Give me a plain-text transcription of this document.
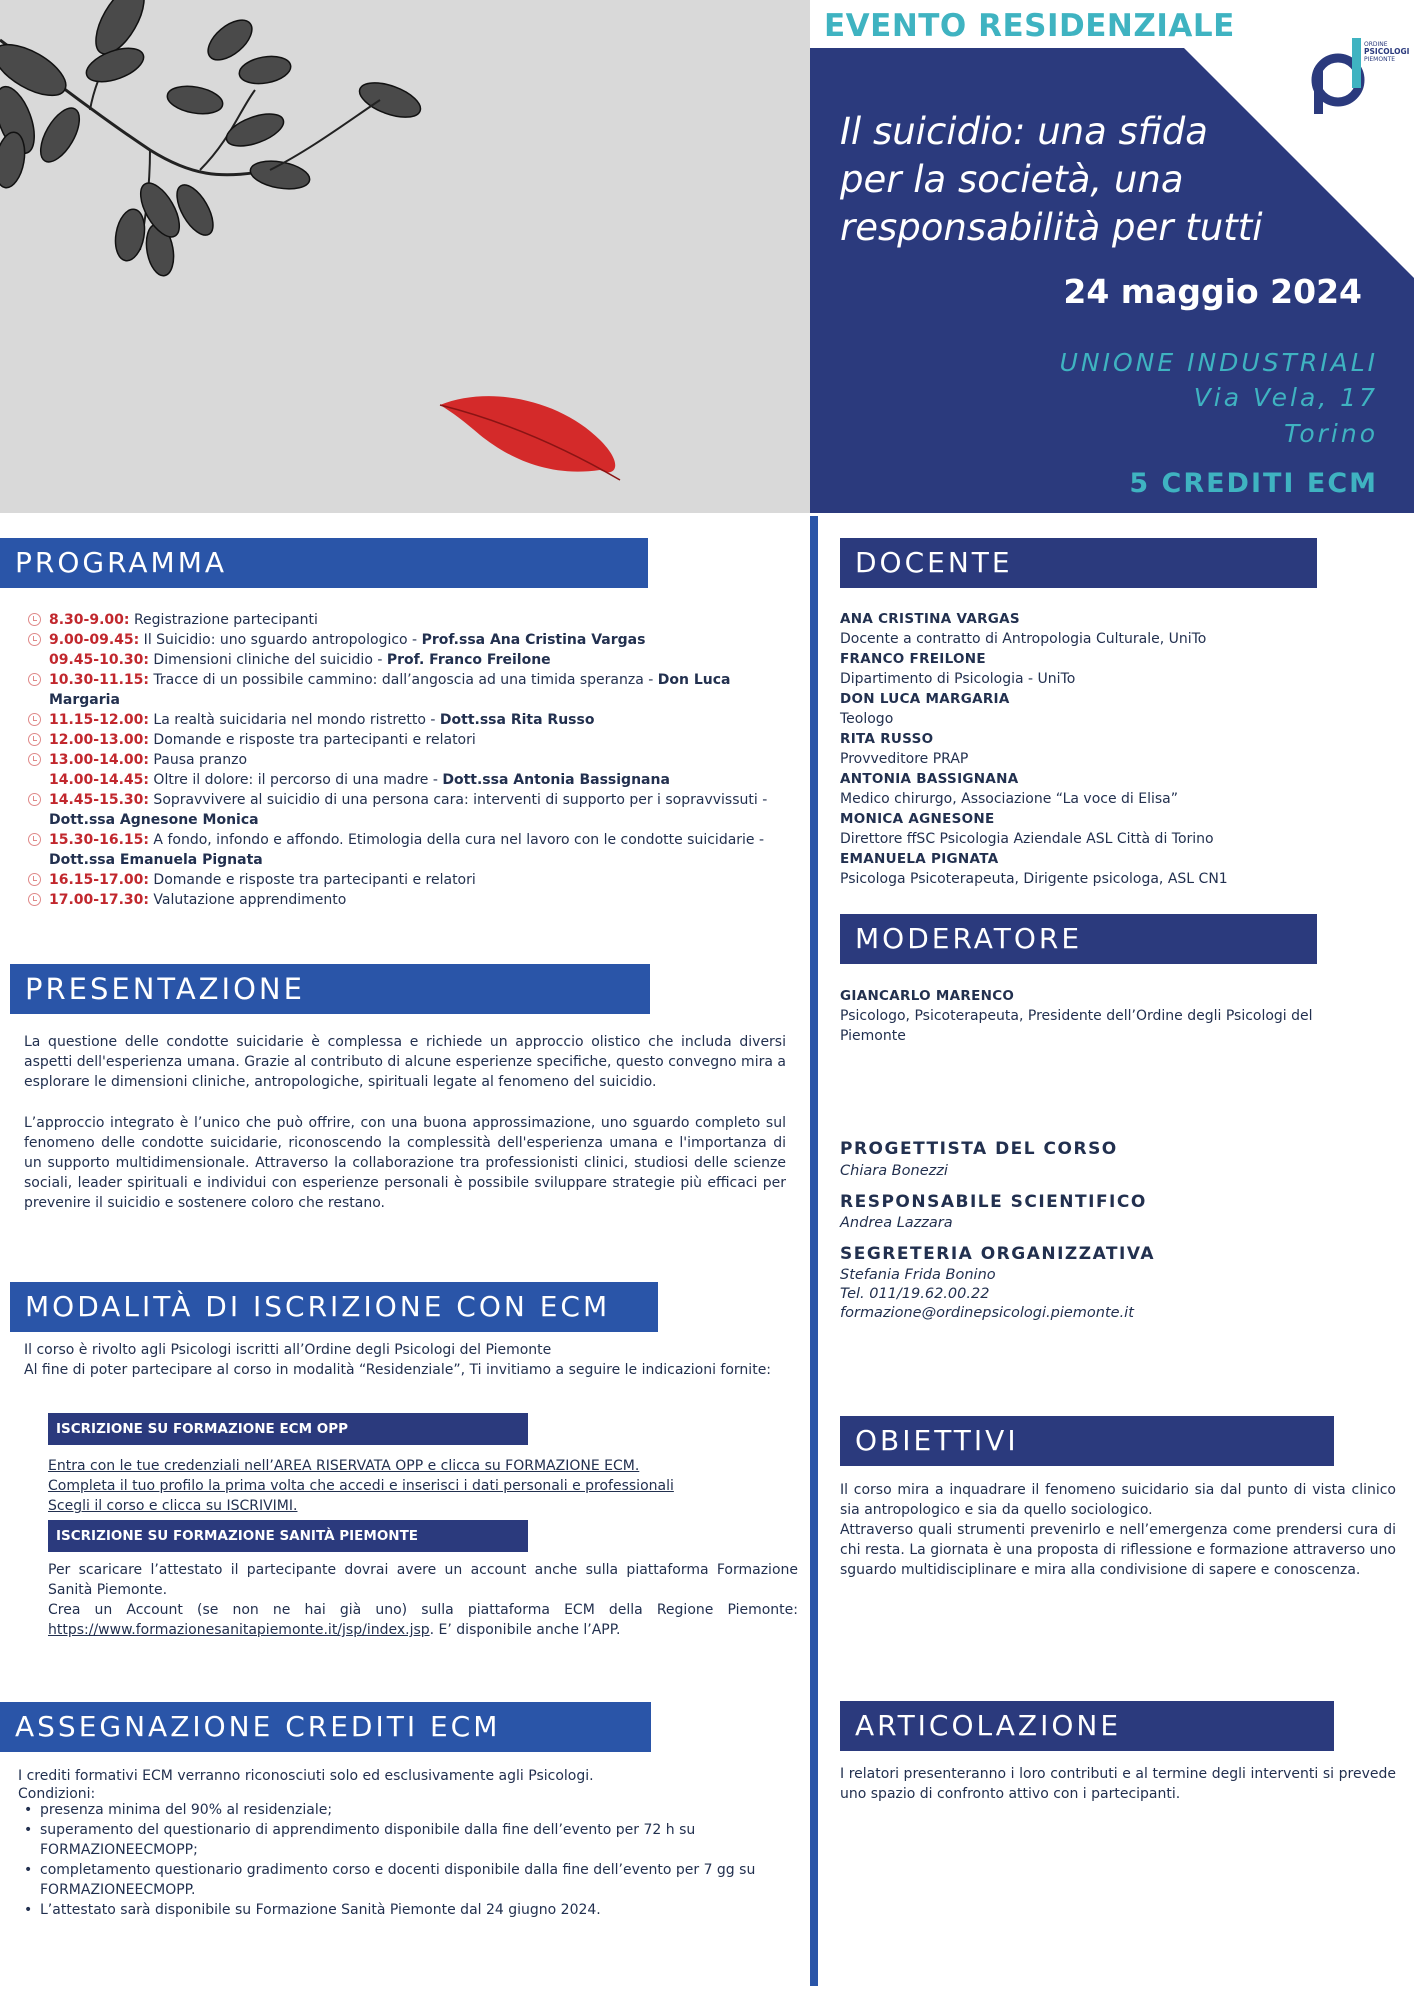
EVENTO RESIDENZIALE
ORDINE
PSICOLOGI
PIEMONTE
Il suicidio: una sfida
per la società, una
responsabilità per tutti
24 maggio 2024
UNIONE INDUSTRIALI
Via Vela, 17
Torino
5 CREDITI ECM
PROGRAMMA
8.30-9.00: Registrazione partecipanti
9.00-09.45: Il Suicidio: uno sguardo antropologico - Prof.ssa Ana Cristina Vargas
09.45-10.30: Dimensioni cliniche del suicidio - Prof. Franco Freilone
10.30-11.15: Tracce di un possibile cammino: dall’angoscia ad una timida speranza - Don Luca Margaria
11.15-12.00: La realtà suicidaria nel mondo ristretto - Dott.ssa Rita Russo
12.00-13.00: Domande e risposte tra partecipanti e relatori
13.00-14.00: Pausa pranzo
14.00-14.45: Oltre il dolore: il percorso di una madre - Dott.ssa Antonia Bassignana
14.45-15.30: Sopravvivere al suicidio di una persona cara: interventi di supporto per i sopravvissuti - Dott.ssa Agnesone Monica
15.30-16.15: A fondo, infondo e affondo. Etimologia della cura nel lavoro con le condotte suicidarie - Dott.ssa Emanuela Pignata
16.15-17.00: Domande e risposte tra partecipanti e relatori
17.00-17.30: Valutazione apprendimento
PRESENTAZIONE
La questione delle condotte suicidarie è complessa e richiede un approccio olistico che includa diversi aspetti dell'esperienza umana. Grazie al contributo di alcune esperienze specifiche, questo convegno mira a esplorare le dimensioni cliniche, antropologiche, spirituali legate al fenomeno del suicidio.
L’approccio integrato è l’unico che può offrire, con una buona approssimazione, uno sguardo completo sul fenomeno delle condotte suicidarie, riconoscendo la complessità dell'esperienza umana e l'importanza di un supporto multidimensionale. Attraverso la collaborazione tra professionisti clinici, studiosi delle scienze sociali, leader spirituali e individui con esperienze personali è possibile sviluppare strategie più efficaci per prevenire il suicidio e sostenere coloro che restano.
MODALITÀ DI ISCRIZIONE CON ECM
Il corso è rivolto agli Psicologi iscritti all’Ordine degli Psicologi del Piemonte
Al fine di poter partecipare al corso in modalità “Residenziale”, Ti invitiamo a seguire le indicazioni fornite:
ISCRIZIONE SU FORMAZIONE ECM OPP
Entra con le tue credenziali nell’AREA RISERVATA OPP e clicca su FORMAZIONE ECM.
Completa il tuo profilo la prima volta che accedi e inserisci i dati personali e professionali
Scegli il corso e clicca su ISCRIVIMI.
ISCRIZIONE SU FORMAZIONE SANITÀ PIEMONTE
Per scaricare l’attestato il partecipante dovrai avere un account anche sulla piattaforma Formazione Sanità Piemonte.
Crea un Account (se non ne hai già uno) sulla piattaforma ECM della Regione Piemonte: https://www.formazionesanitapiemonte.it/jsp/index.jsp. E’ disponibile anche l’APP.
ASSEGNAZIONE CREDITI ECM
I crediti formativi ECM verranno riconosciuti solo ed esclusivamente agli Psicologi.
Condizioni:
• presenza minima del 90% al residenziale;
• superamento del questionario di apprendimento disponibile dalla fine dell’evento per 72 h su FORMAZIONEECMOPP;
• completamento questionario gradimento corso e docenti disponibile dalla fine dell’evento per 7 gg su FORMAZIONEECMOPP.
• L’attestato sarà disponibile su Formazione Sanità Piemonte dal 24 giugno 2024.
DOCENTE
ANA CRISTINA VARGAS
Docente a contratto di Antropologia Culturale, UniTo
FRANCO FREILONE
Dipartimento di Psicologia - UniTo
DON LUCA MARGARIA
Teologo
RITA RUSSO
Provveditore PRAP
ANTONIA BASSIGNANA
Medico chirurgo, Associazione “La voce di Elisa”
MONICA AGNESONE
Direttore ffSC Psicologia Aziendale ASL Città di Torino
EMANUELA PIGNATA
Psicologa Psicoterapeuta, Dirigente psicologa, ASL CN1
MODERATORE
GIANCARLO MARENCO
Psicologo, Psicoterapeuta, Presidente dell’Ordine degli Psicologi del Piemonte
PROGETTISTA DEL CORSO
Chiara Bonezzi
RESPONSABILE SCIENTIFICO
Andrea Lazzara
SEGRETERIA ORGANIZZATIVA
Stefania Frida Bonino
Tel. 011/19.62.00.22
formazione@ordinepsicologi.piemonte.it
OBIETTIVI
Il corso mira a inquadrare il fenomeno suicidario sia dal punto di vista clinico sia antropologico e sia da quello sociologico.
Attraverso quali strumenti prevenirlo e nell’emergenza come prendersi cura di chi resta. La giornata è una proposta di riflessione e formazione attraverso uno sguardo multidisciplinare e mira alla condivisione di sapere e conoscenza.
ARTICOLAZIONE
I relatori presenteranno i loro contributi e al termine degli interventi si prevede uno spazio di confronto attivo con i partecipanti.
